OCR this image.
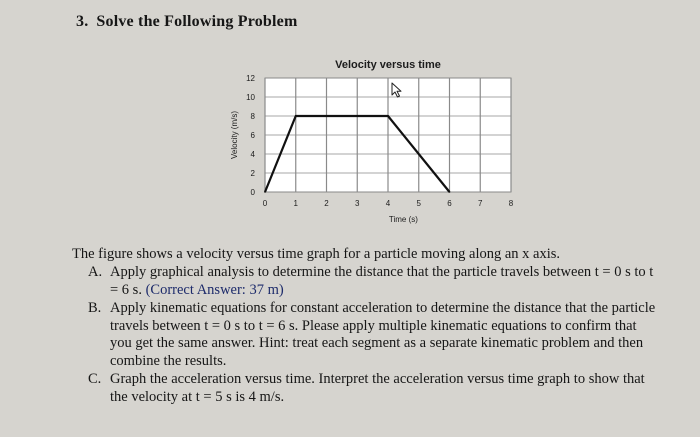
3. Solve the Following Problem
0	1	2	3	4	5	6	7	8
0
2
4
6
8
10
12
Velocity versus time
Time (s)
Velocity (m/s)
The figure shows a velocity versus time graph for a particle moving along an x axis.
A. Apply graphical analysis to determine the distance that the particle travels between t = 0 s to t = 6 s. (Correct Answer: 37 m)
B. Apply kinematic equations for constant acceleration to determine the distance that the particle travels between t = 0 s to t = 6 s. Please apply multiple kinematic equations to confirm that you get the same answer. Hint: treat each segment as a separate kinematic problem and then combine the results.
C. Graph the acceleration versus time. Interpret the acceleration versus time graph to show that the velocity at t = 5 s is 4 m/s.
